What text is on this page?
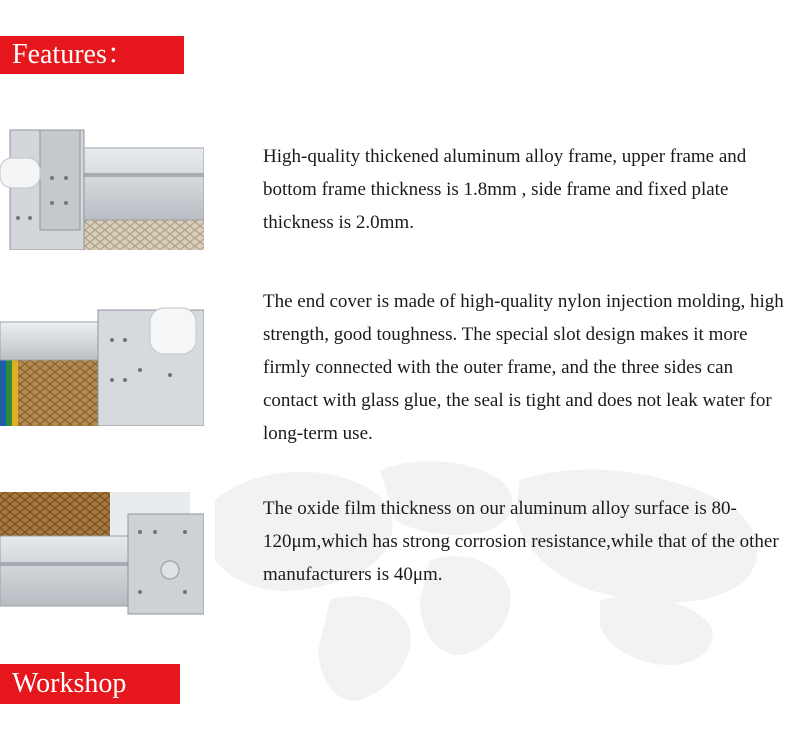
Features：

High-quality thickened aluminum alloy frame, upper frame and bottom frame thickness is 1.8mm , side frame and fixed plate thickness is 2.0mm.

The end cover is made of high-quality nylon injection molding, high strength, good toughness. The special slot design makes it more firmly connected with the outer frame, and the three sides can contact with glass glue, the seal is tight and does not leak water for long-term use.

The oxide film thickness on our aluminum alloy surface is 80-120μm,which has strong corrosion resistance,while that of the other manufacturers is 40μm.

Workshop
